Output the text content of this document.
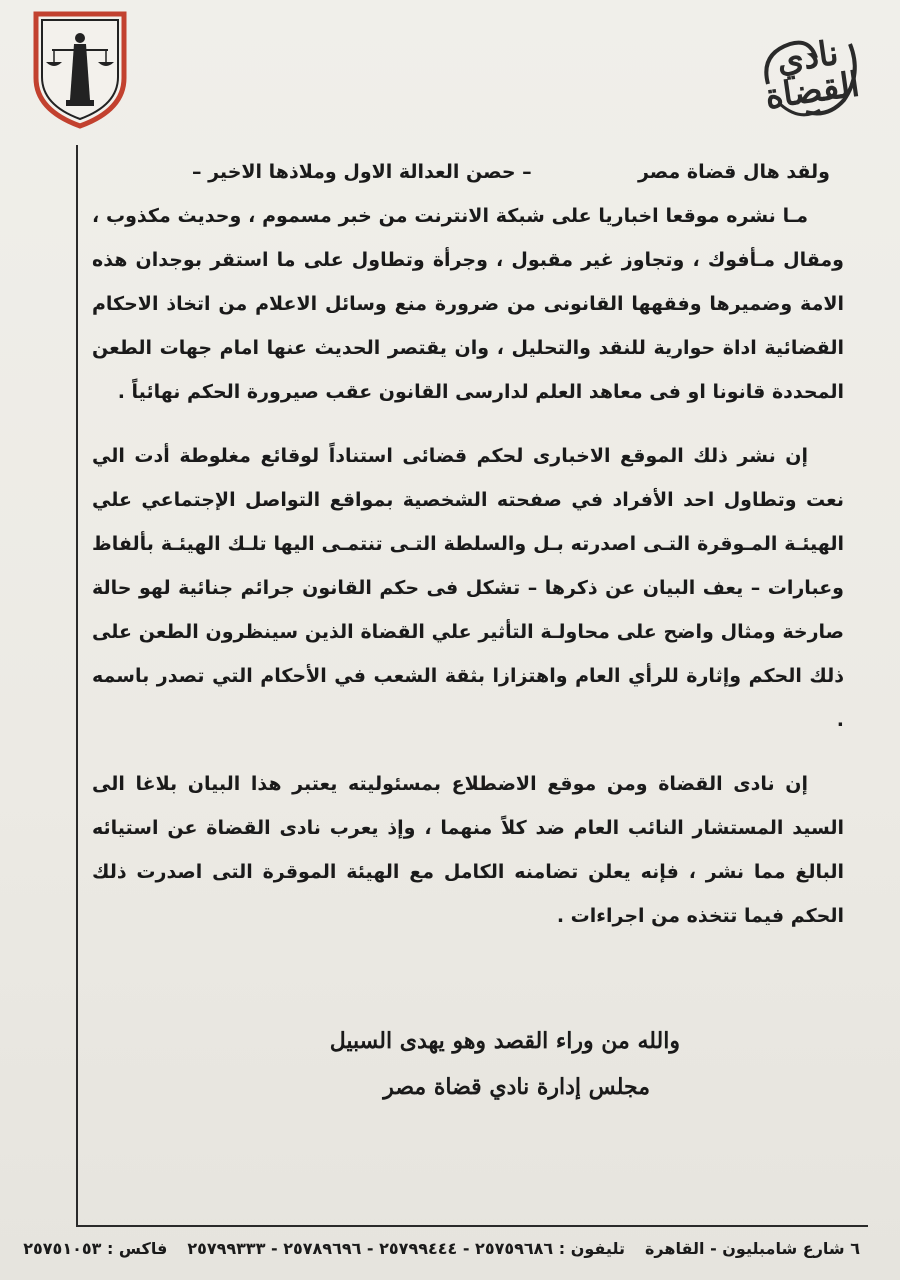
نادي القضاة
ولقد هال قضاة مصر
– حصن العدالة الاول وملاذها الاخير –

مـا نشره موقعا اخباريا على شبكة الانترنت من خبر مسموم ، وحديث مكذوب ، ومقال مـأفوك ، وتجاوز غير مقبول ، وجرأة وتطاول على ما استقر بوجدان هذه الامة وضميرها وفقهها القانونى من ضرورة منع وسائل الاعلام من اتخاذ الاحكام القضائية اداة حوارية للنقد والتحليل ، وان يقتصر الحديث عنها امام جهات الطعن المحددة قانونا او فى معاهد العلم لدارسى القانون عقب صيرورة الحكم نهائياً .

إن نشر ذلك الموقع الاخبارى لحكم قضائى استناداً لوقائع مغلوطة أدت الي نعت وتطاول احد الأفراد في صفحته الشخصية بمواقع التواصل الإجتماعي علي الهيئـة المـوقرة التـى اصدرته بـل والسلطة التـى تنتمـى اليها تلـك الهيئـة بألفاظ وعبارات – يعف البيان عن ذكرها – تشكل فى حكم القانون جرائم جنائية لهو حالة صارخة ومثال واضح على محاولـة التأثير علي القضاة الذين سينظرون الطعن على ذلك الحكم وإثارة للرأي العام واهتزازا بثقة الشعب في الأحكام التي تصدر باسمه .

إن نادى القضاة ومن موقع الاضطلاع بمسئوليته يعتبر هذا البيان بلاغا الى السيد المستشار النائب العام ضد كلاً منهما ، وإذ يعرب نادى القضاة عن استيائه البالغ مما نشر ، فإنه يعلن تضامنه الكامل مع الهيئة الموقرة التى اصدرت ذلك الحكم فيما تتخذه من اجراءات .

والله من وراء القصد وهو يهدى السبيل
مجلس إدارة نادي قضاة مصر
٦ شارع شامبليون - القاهرة
تليفون : ٢٥٧٥٩٦٨٦ - ٢٥٧٩٩٤٤٤ - ٢٥٧٨٩٦٩٦ - ٢٥٧٩٩٣٣٣
فاكس : ٢٥٧٥١٠٥٣
